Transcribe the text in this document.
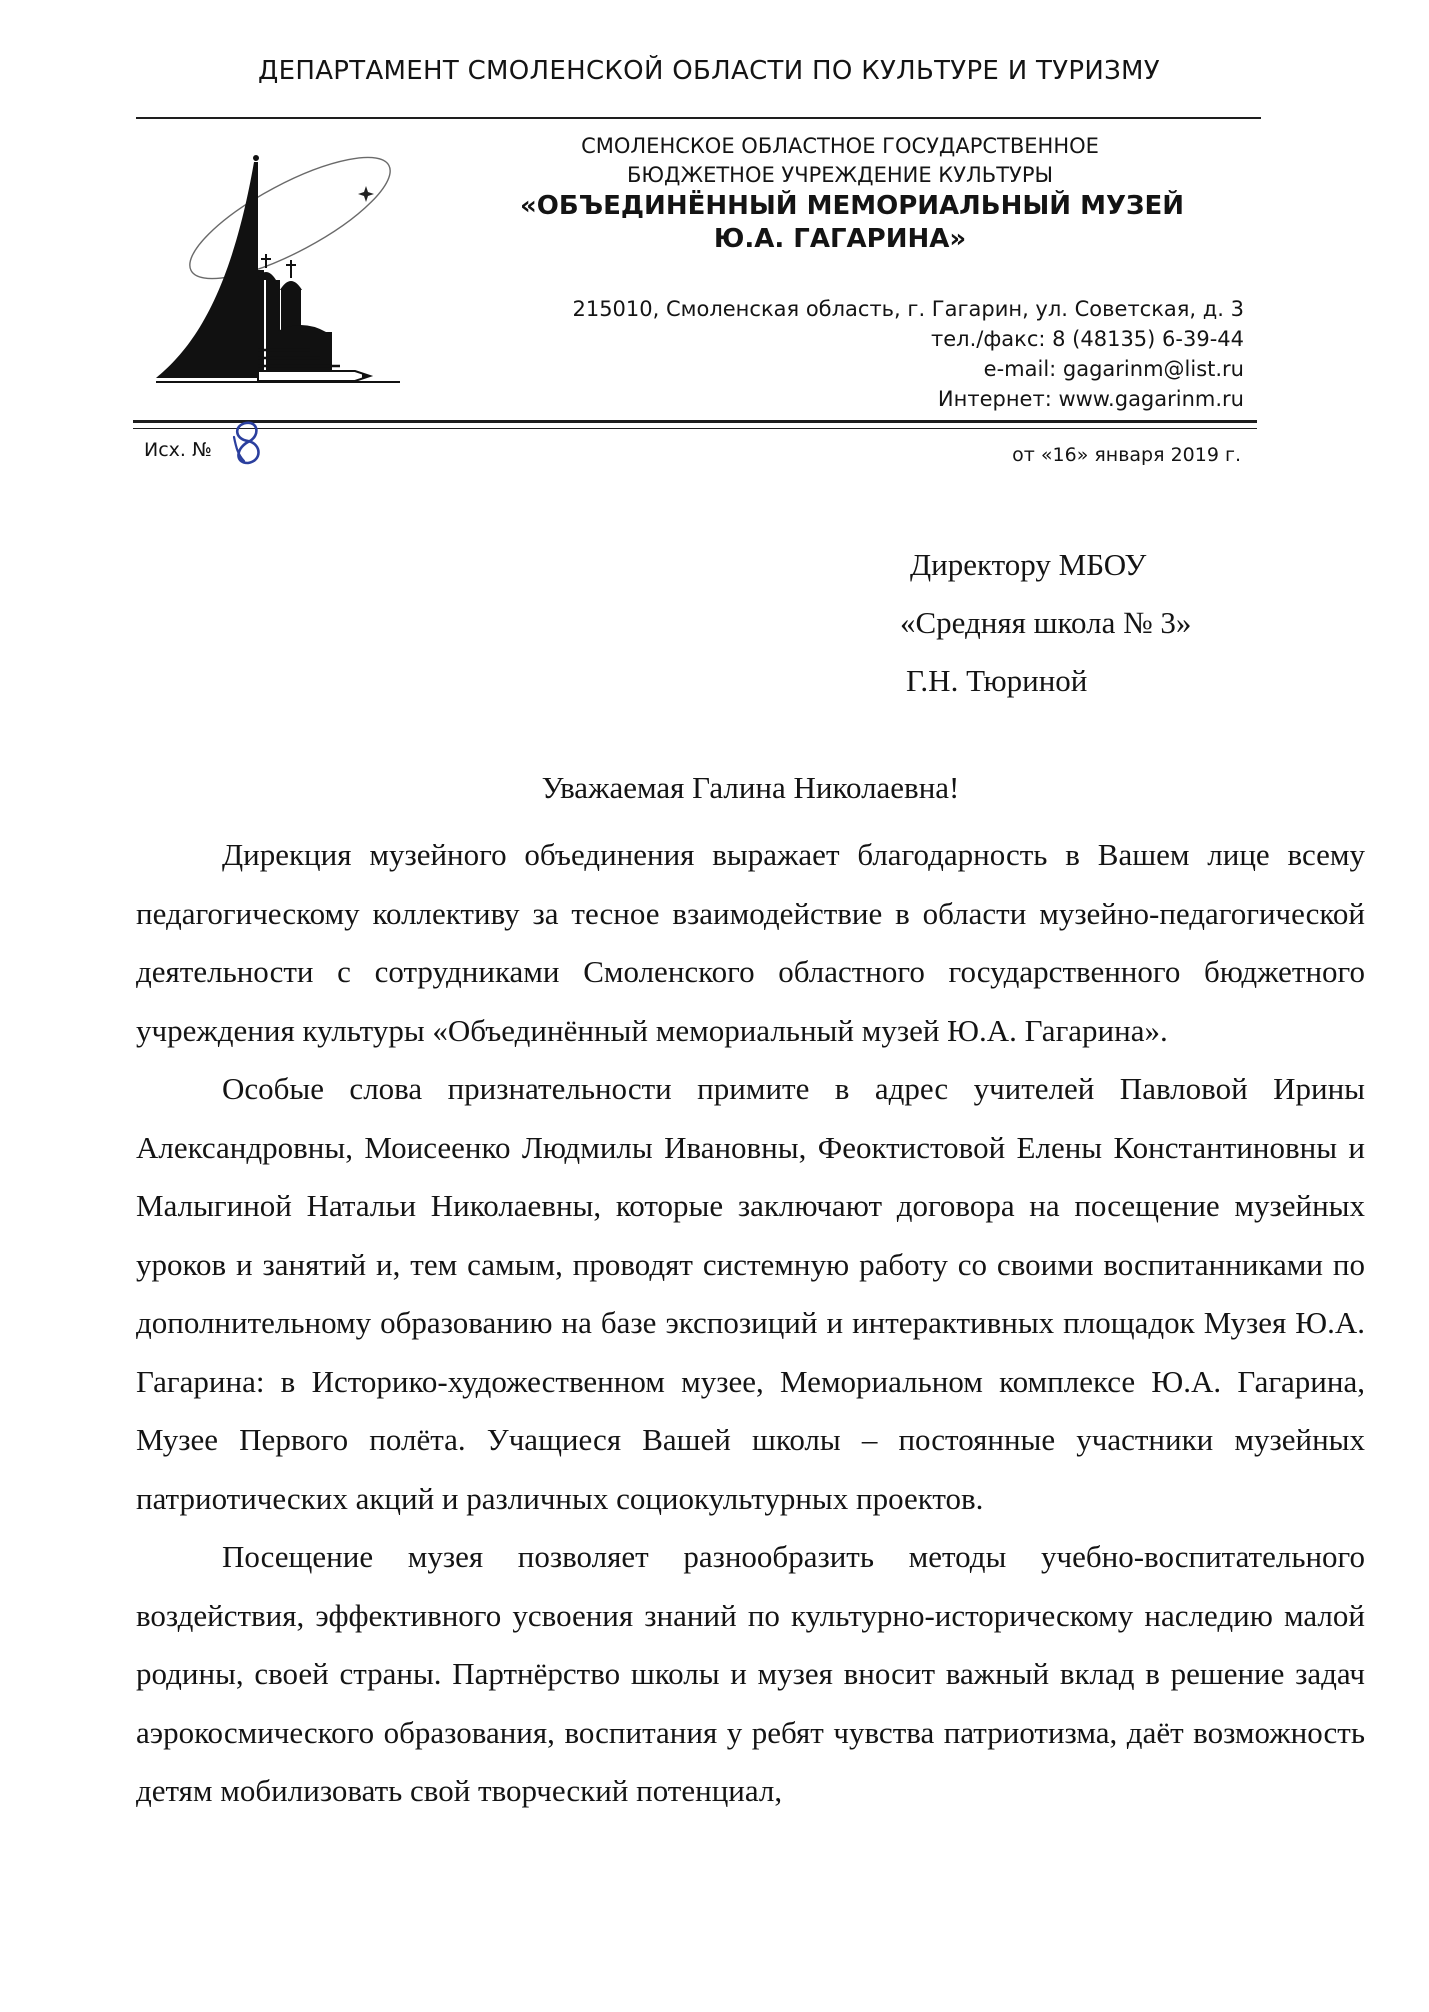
ДЕПАРТАМЕНТ СМОЛЕНСКОЙ ОБЛАСТИ ПО КУЛЬТУРЕ И ТУРИЗМУ
СМОЛЕНСКОЕ ОБЛАСТНОЕ ГОСУДАРСТВЕННОЕ
БЮДЖЕТНОЕ УЧРЕЖДЕНИЕ КУЛЬТУРЫ
«ОБЪЕДИНЁННЫЙ МЕМОРИАЛЬНЫЙ МУЗЕЙ
Ю.А. ГАГАРИНА»
215010, Смоленская область, г. Гагарин, ул. Советская, д. 3
тел./факс: 8 (48135) 6-39-44
e-mail: gagarinm@list.ru
Интернет: www.gagarinm.ru
Исх. №	от «16» января 2019 г.
Директору МБОУ
«Средняя школа № 3»
Г.Н. Тюриной
Уважаемая Галина Николаевна!

Дирекция музейного объединения выражает благодарность в Вашем лице всему педагогическому коллективу за тесное взаимодействие в области музейно-педагогической деятельности с сотрудниками Смоленского областного государственного бюджетного учреждения культуры «Объединённый мемориальный музей Ю.А. Гагарина».

Особые слова признательности примите в адрес учителей Павловой Ирины Александровны, Моисеенко Людмилы Ивановны, Феоктистовой Елены Константиновны и Малыгиной Натальи Николаевны, которые заключают договора на посещение музейных уроков и занятий и, тем самым, проводят системную работу со своими воспитанниками по дополнительному образованию на базе экспозиций и интерактивных площадок Музея Ю.А. Гагарина: в Историко-художественном музее, Мемориальном комплексе Ю.А. Гагарина, Музее Первого полёта. Учащиеся Вашей школы – постоянные участники музейных патриотических акций и различных социокультурных проектов.

Посещение музея позволяет разнообразить методы учебно-воспитательного воздействия, эффективного усвоения знаний по культурно-историческому наследию малой родины, своей страны. Партнёрство школы и музея вносит важный вклад в решение задач аэрокосмического образования, воспитания у ребят чувства патриотизма, даёт возможность детям мобилизовать свой творческий потенциал,
